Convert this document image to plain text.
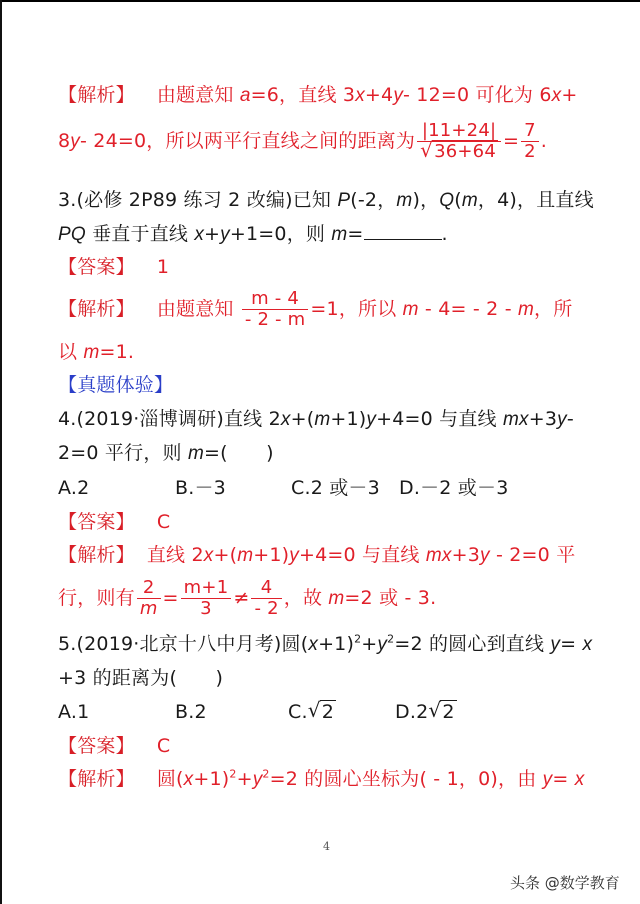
【解析】 由题意知 a=6，直线 3x+4y- 12=0 可化为 6x+
8y- 24=0，所以两平行直线之间的距离为 $\frac{|11+24|}{√ 36+64} = \frac{7}{2}$ .
3.(必修 2P89 练习 2 改编)已知 P(-2，m)，Q(m，4)，且直线
PQ 垂直于直线 x+y+1=0，则 m=	.
【答案】 1
【解析】 由题意知 $\frac{m - 4}{- 2 - m} =1$，所以 m - 4= - 2 - m，所
以 m=1.
【真题体验】
4.(2019·淄博调研)直线 2x+(m+1)y+4=0 与直线 mx+3y-
2=0 平行，则 m=(　　)
A.2	B.－3	C.2 或－3 D.－2 或－3
【答案】 C
【解析】 直线 2x+(m+1)y+4=0 与直线 mx+3y - 2=0 平
行，则有 $\frac{2}{m} = \frac{m+1}{3} \ne \frac{4}{- 2}$ ，故 m=2 或 - 3.
5.(2019·北京十八中月考)圆$(x+1)^2+y^2=2$ 的圆心到直线 y= x
+3 的距离为(　　)
A.1	B.2	C. √ 2	D.2 √ 2
【答案】 C
【解析】 圆$(x+1)^2+y^2=2$ 的圆心坐标为( - 1，0)，由 y= x
4
头条 @数学教育
